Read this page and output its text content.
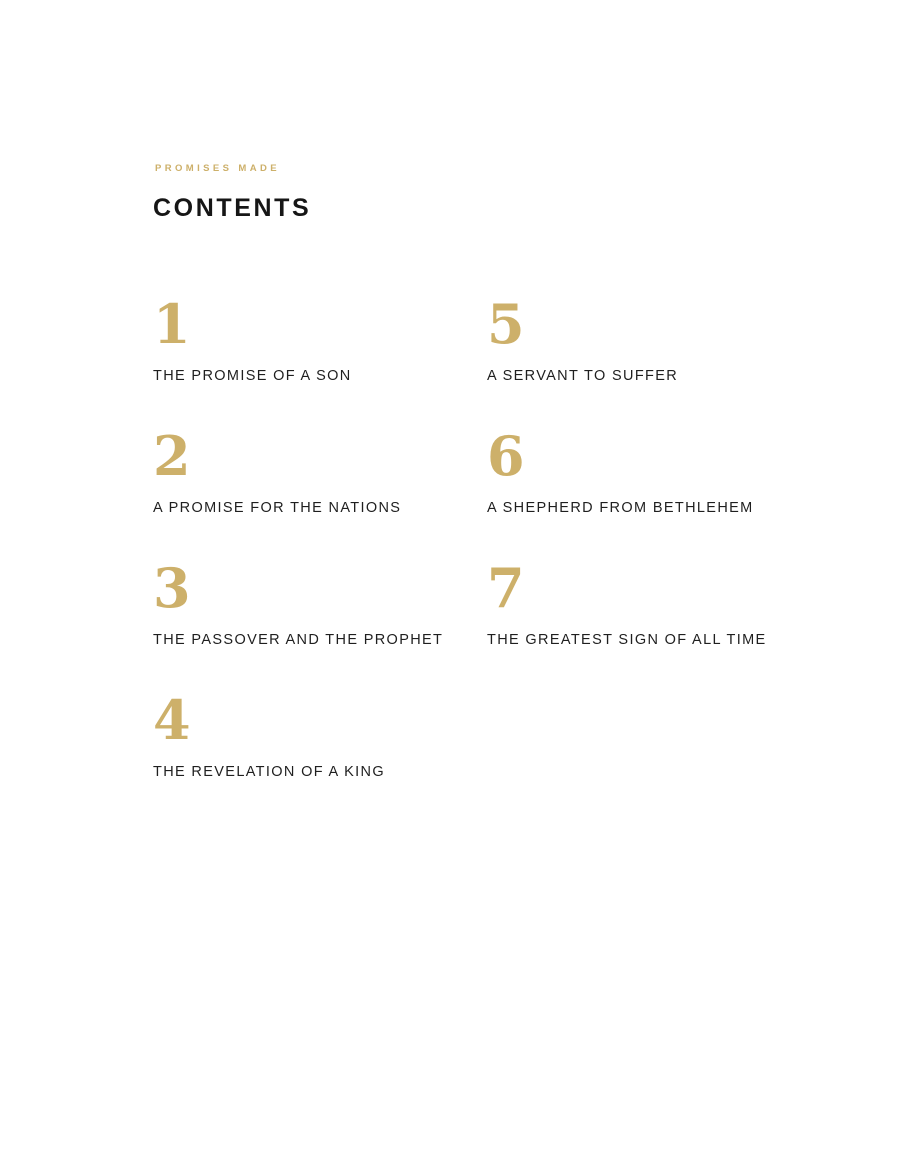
PROMISES MADE
CONTENTS
1
THE PROMISE OF A SON
2
A PROMISE FOR THE NATIONS
3
THE PASSOVER AND THE PROPHET
4
THE REVELATION OF A KING
5
A SERVANT TO SUFFER
6
A SHEPHERD FROM BETHLEHEM
7
THE GREATEST SIGN OF ALL TIME
